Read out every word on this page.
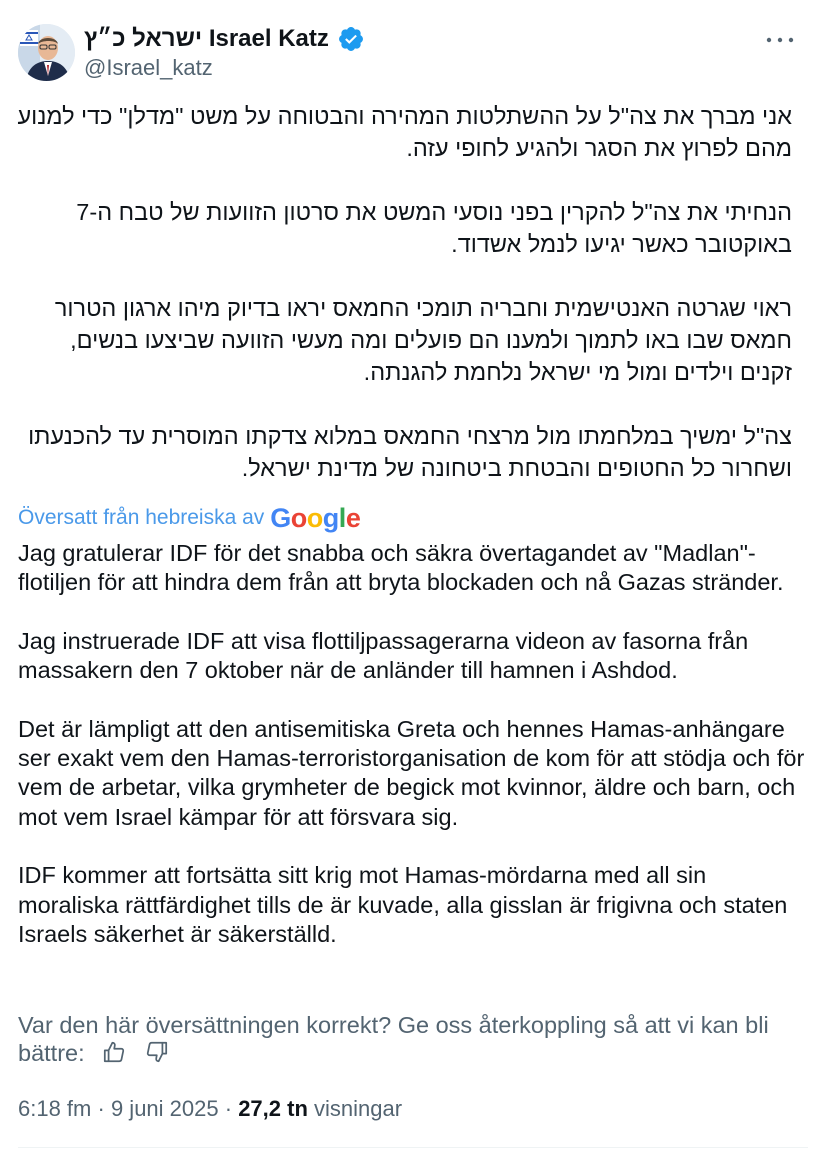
ישראל כ״ץ Israel Katz
@Israel_katz

אני מברך את צה"ל על ההשתלטות המהירה והבטוחה על משט "מדלן" כדי למנוע מהם לפרוץ את הסגר ולהגיע לחופי עזה.

הנחיתי את צה"ל להקרין בפני נוסעי המשט את סרטון הזוועות של טבח ה-7 באוקטובר כאשר יגיעו לנמל אשדוד.

ראוי שגרטה האנטישמית וחבריה תומכי החמאס יראו בדיוק מיהו ארגון הטרור חמאס שבו באו לתמוך ולמענו הם פועלים ומה מעשי הזוועה שביצעו בנשים, זקנים וילדים ומול מי ישראל נלחמת להגנתה.

צה"ל ימשיך במלחמתו מול מרצחי החמאס במלוא צדקתו המוסרית עד להכנעתו ושחרור כל החטופים והבטחת ביטחונה של מדינת ישראל.

Översatt från hebreiska av Google

Jag gratulerar IDF för det snabba och säkra övertagandet av "Madlan"-flotiljen för att hindra dem från att bryta blockaden och nå Gazas stränder.

Jag instruerade IDF att visa flottiljpassagerarna videon av fasorna från massakern den 7 oktober när de anländer till hamnen i Ashdod.

Det är lämpligt att den antisemitiska Greta och hennes Hamas-anhängare ser exakt vem den Hamas-terroristorganisation de kom för att stödja och för vem de arbetar, vilka grymheter de begick mot kvinnor, äldre och barn, och mot vem Israel kämpar för att försvara sig.

IDF kommer att fortsätta sitt krig mot Hamas-mördarna med all sin moraliska rättfärdighet tills de är kuvade, alla gisslan är frigivna och staten Israels säkerhet är säkerställd.

Var den här översättningen korrekt? Ge oss återkoppling så att vi kan bli bättre:
6:18 fm · 9 juni 2025 · 27,2 tn visningar
